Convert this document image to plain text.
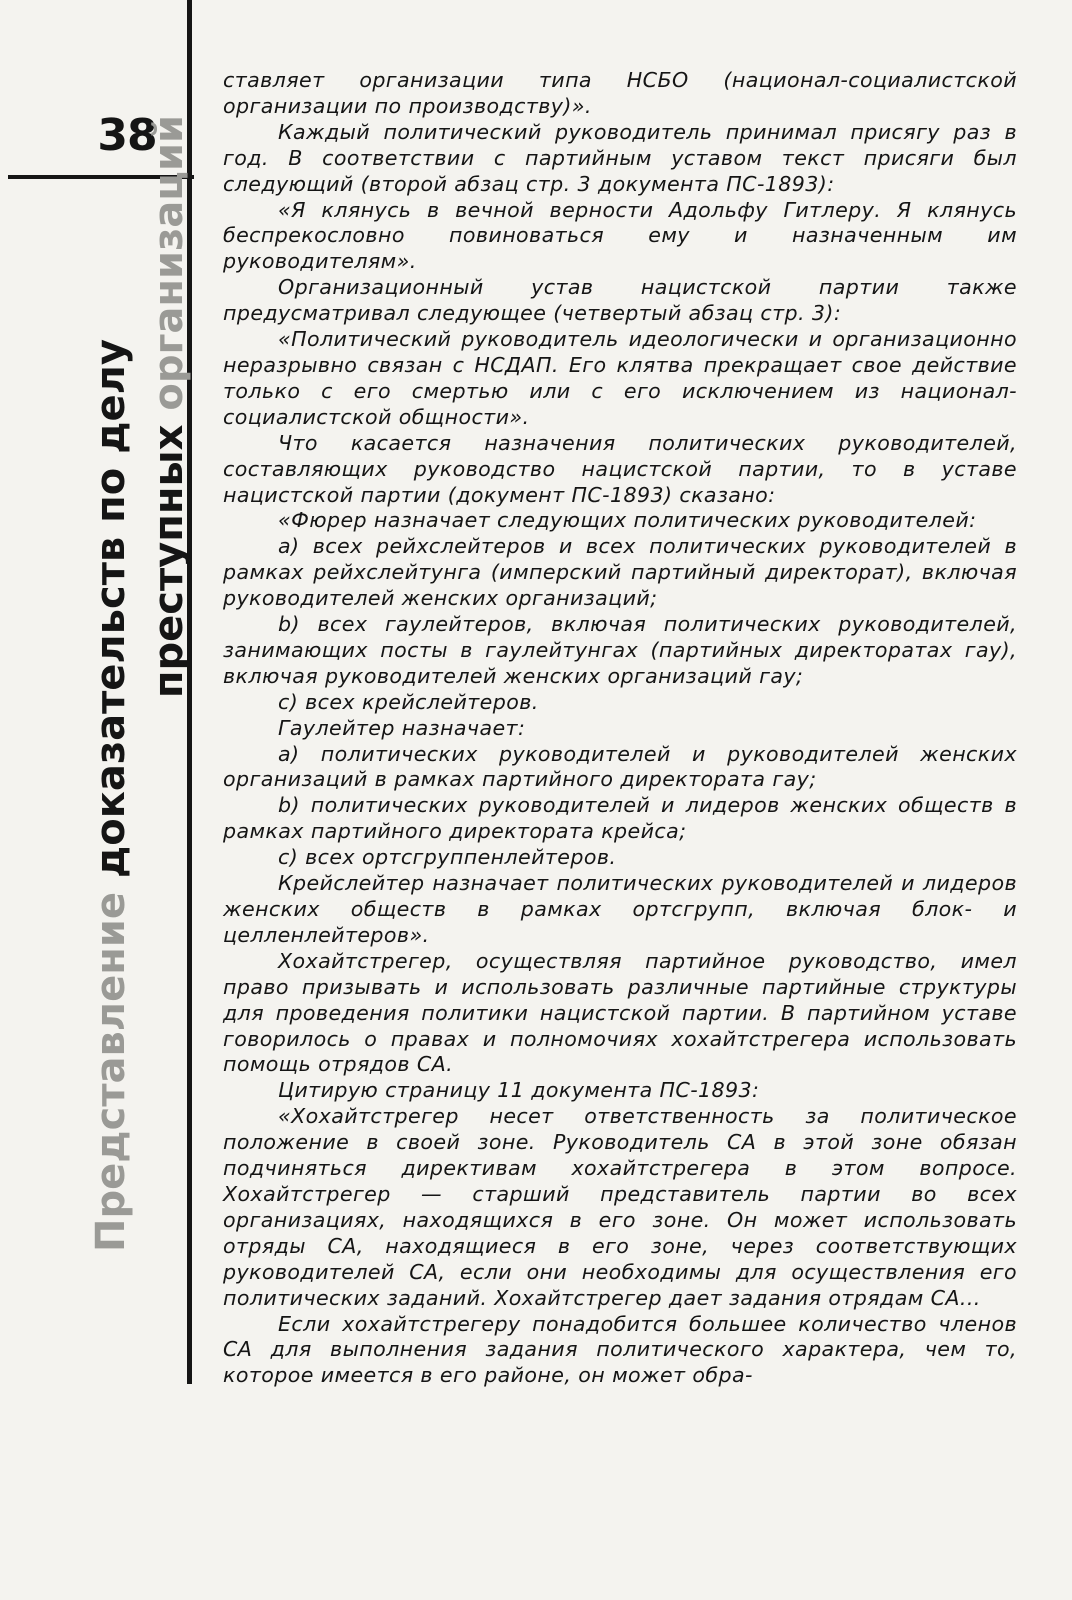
38
Представление доказательств по делу преступных организаций

ставляет организации типа НСБО (национал-социалистской организации по производству)».

Каждый политический руководитель принимал присягу раз в год. В соответствии с партийным уставом текст присяги был следующий (второй абзац стр. 3 документа ПС-1893):

«Я клянусь в вечной верности Адольфу Гитлеру. Я клянусь беспрекословно повиноваться ему и назначенным им руководителям».

Организационный устав нацистской партии также предусматривал следующее (четвертый абзац стр. 3):

«Политический руководитель идеологически и организационно неразрывно связан с НСДАП. Его клятва прекращает свое действие только с его смертью или с его исключением из национал-социалистской общности».

Что касается назначения политических руководителей, составляющих руководство нацистской партии, то в уставе нацистской партии (документ ПС-1893) сказано:

«Фюрер назначает следующих политических руководителей:

а) всех рейхслейтеров и всех политических руководителей в рамках рейхслейтунга (имперский партийный директорат), включая руководителей женских организаций;

b) всех гаулейтеров, включая политических руководителей, занимающих посты в гаулейтунгах (партийных директоратах гау), включая руководителей женских организаций гау;

с) всех крейслейтеров.

Гаулейтер назначает:

а) политических руководителей и руководителей женских организаций в рамках партийного директората гау;

b) политических руководителей и лидеров женских обществ в рамках партийного директората крейса;

с) всех ортсгруппенлейтеров.

Крейслейтер назначает политических руководителей и лидеров женских обществ в рамках ортсгрупп, включая блок- и целленлейтеров».

Хохайтстрегер, осуществляя партийное руководство, имел право призывать и использовать различные партийные структуры для проведения политики нацистской партии. В партийном уставе говорилось о правах и полномочиях хохайтстрегера использовать помощь отрядов СА.

Цитирую страницу 11 документа ПС-1893:

«Хохайтстрегер несет ответственность за политическое положение в своей зоне. Руководитель СА в этой зоне обязан подчиняться директивам хохайтстрегера в этом вопросе. Хохайтстрегер — старший представитель партии во всех организациях, находящихся в его зоне. Он может использовать отряды СА, находящиеся в его зоне, через соответствующих руководителей СА, если они необходимы для осуществления его политических заданий. Хохайтстрегер дает задания отрядам СА...

Если хохайтстрегеру понадобится большее количество членов СА для выполнения задания политического характера, чем то, которое имеется в его районе, он может обра-
